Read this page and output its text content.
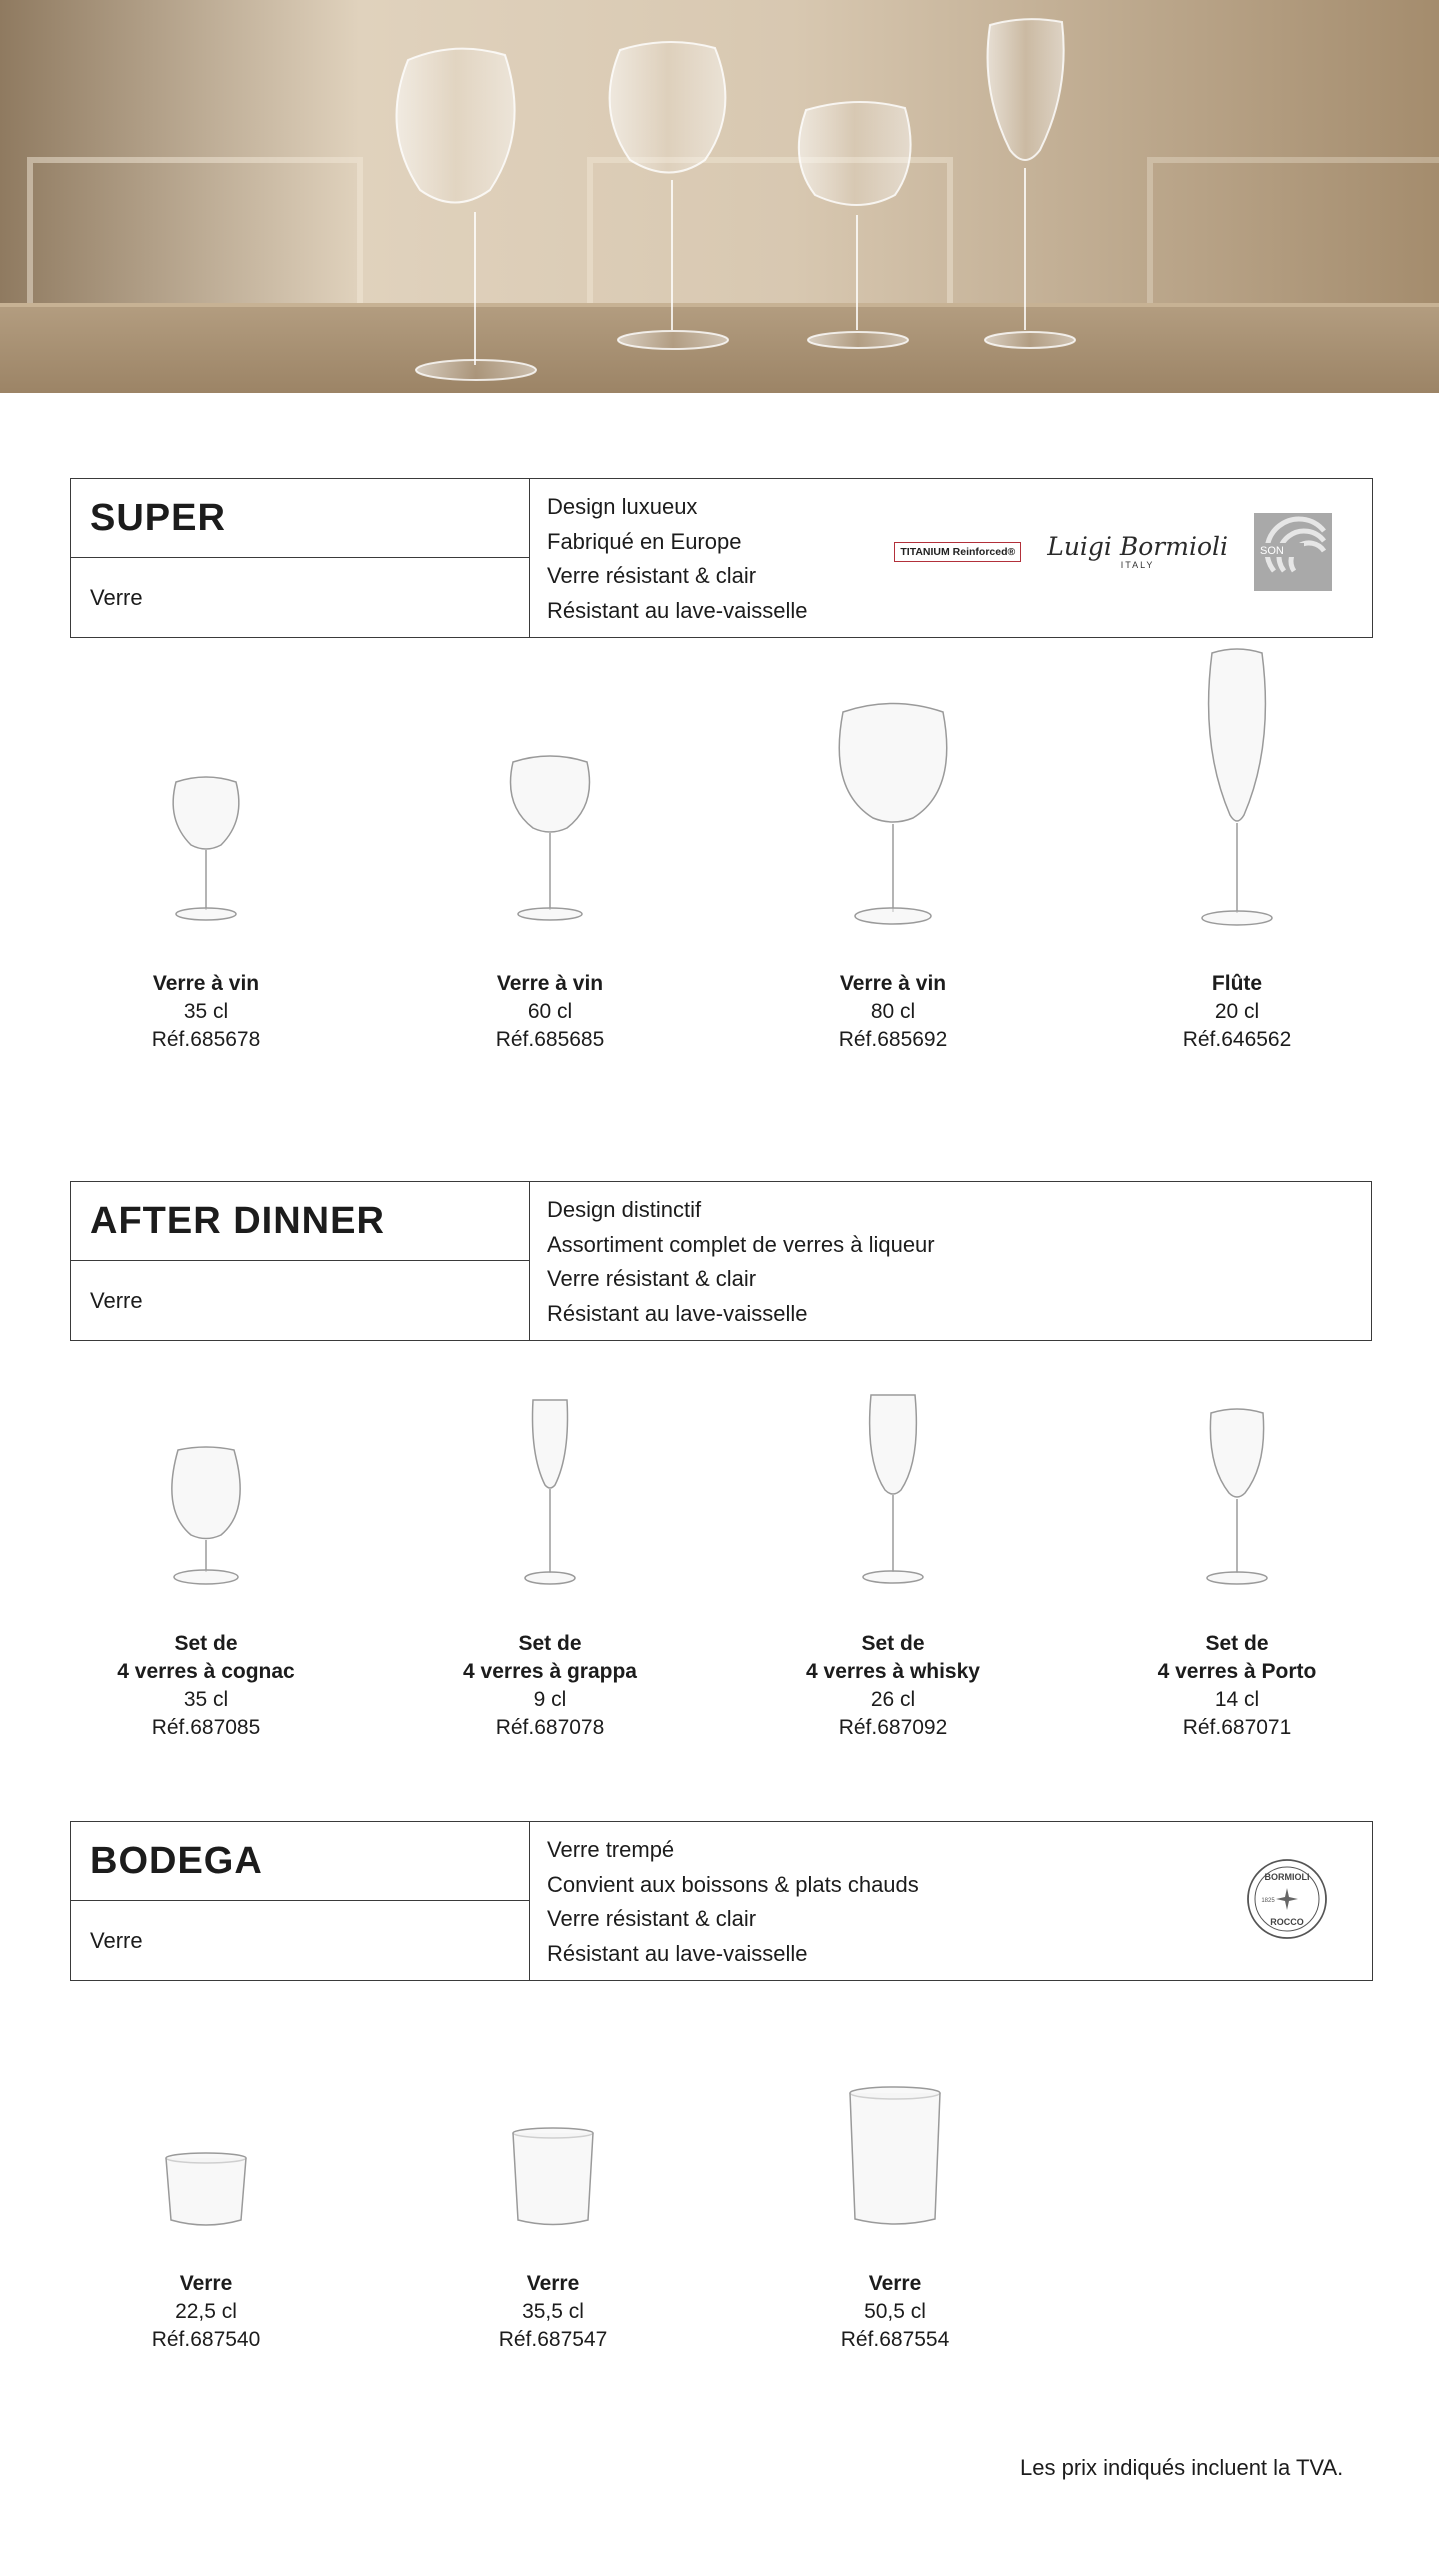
SUPER
Verre
Design luxueux
Fabriqué en Europe
Verre résistant & clair
Résistant au lave-vaisselle
TITANIUM Reinforced® Luigi Bormioli
ITALY
SON
Verre à vin
35 cl
Réf.685678
Verre à vin
60 cl
Réf.685685
Verre à vin
80 cl
Réf.685692
Flûte
20 cl
Réf.646562
AFTER DINNER
Verre
Design distinctif
Assortiment complet de verres à liqueur
Verre résistant & clair
Résistant au lave-vaisselle
Set de
4 verres à cognac
35 cl
Réf.687085
Set de
4 verres à grappa
9 cl
Réf.687078
Set de
4 verres à whisky
26 cl
Réf.687092
Set de
4 verres à Porto
14 cl
Réf.687071
BODEGA
Verre
Verre trempé
Convient aux boissons & plats chauds
Verre résistant & clair
Résistant au lave-vaisselle
BORMIOLI
ROCCO
1825
Verre
22,5 cl
Réf.687540
Verre
35,5 cl
Réf.687547
Verre
50,5 cl
Réf.687554
Les prix indiqués incluent la TVA.
